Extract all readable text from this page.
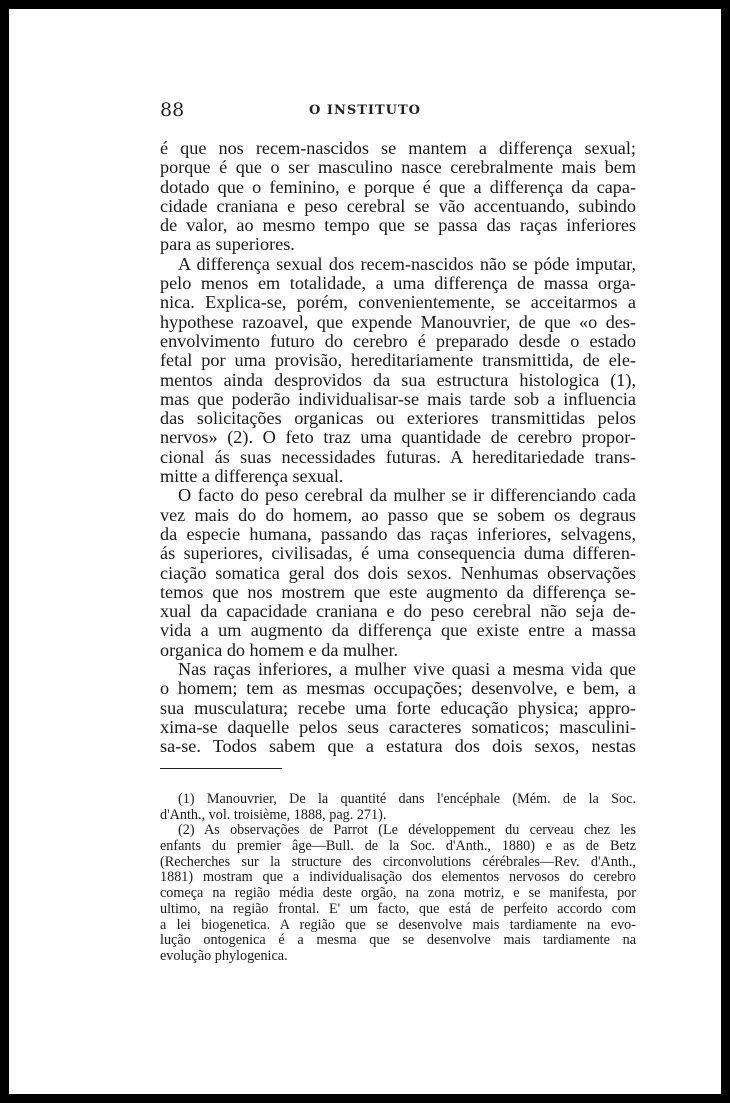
88	O INSTITUTO
é que nos recem-nascidos se mantem a differença sexual;
porque é que o ser masculino nasce cerebralmente mais bem
dotado que o feminino, e porque é que a differença da capa-
cidade craniana e peso cerebral se vão accentuando, subindo
de valor, ao mesmo tempo que se passa das raças inferiores
para as superiores.
A differença sexual dos recem-nascidos não se póde imputar,
pelo menos em totalidade, a uma differença de massa orga-
nica. Explica-se, porém, convenientemente, se acceitarmos a
hypothese razoavel, que expende Manouvrier, de que «o des-
envolvimento futuro do cerebro é preparado desde o estado
fetal por uma provisão, hereditariamente transmittida, de ele-
mentos ainda desprovidos da sua estructura histologica (1),
mas que poderão individualisar-se mais tarde sob a influencia
das solicitações organicas ou exteriores transmittidas pelos
nervos» (2). O feto traz uma quantidade de cerebro propor-
cional ás suas necessidades futuras. A hereditariedade trans-
mitte a differença sexual.
O facto do peso cerebral da mulher se ir differenciando cada
vez mais do do homem, ao passo que se sobem os degraus
da especie humana, passando das raças inferiores, selvagens,
ás superiores, civilisadas, é uma consequencia duma differen-
ciação somatica geral dos dois sexos. Nenhumas observações
temos que nos mostrem que este augmento da differença se-
xual da capacidade craniana e do peso cerebral não seja de-
vida a um augmento da differença que existe entre a massa
organica do homem e da mulher.
Nas raças inferiores, a mulher vive quasi a mesma vida que
o homem; tem as mesmas occupações; desenvolve, e bem, a
sua musculatura; recebe uma forte educação physica; appro-
xima-se daquelle pelos seus caracteres somaticos; masculini-
sa-se. Todos sabem que a estatura dos dois sexos, nestas
(1) Manouvrier, De la quantité dans l'encéphale (Mém. de la Soc.
d'Anth., vol. troisième, 1888, pag. 271).
(2) As observações de Parrot (Le développement du cerveau chez les
enfants du premier âge—Bull. de la Soc. d'Anth., 1880) e as de Betz
(Recherches sur la structure des circonvolutions cérébrales—Rev. d'Anth.,
1881) mostram que a individualisação dos elementos nervosos do cerebro
começa na região média deste orgão, na zona motriz, e se manifesta, por
ultimo, na região frontal. E' um facto, que está de perfeito accordo com
a lei biogenetica. A região que se desenvolve mais tardiamente na evo-
lução ontogenica é a mesma que se desenvolve mais tardiamente na
evolução phylogenica.
